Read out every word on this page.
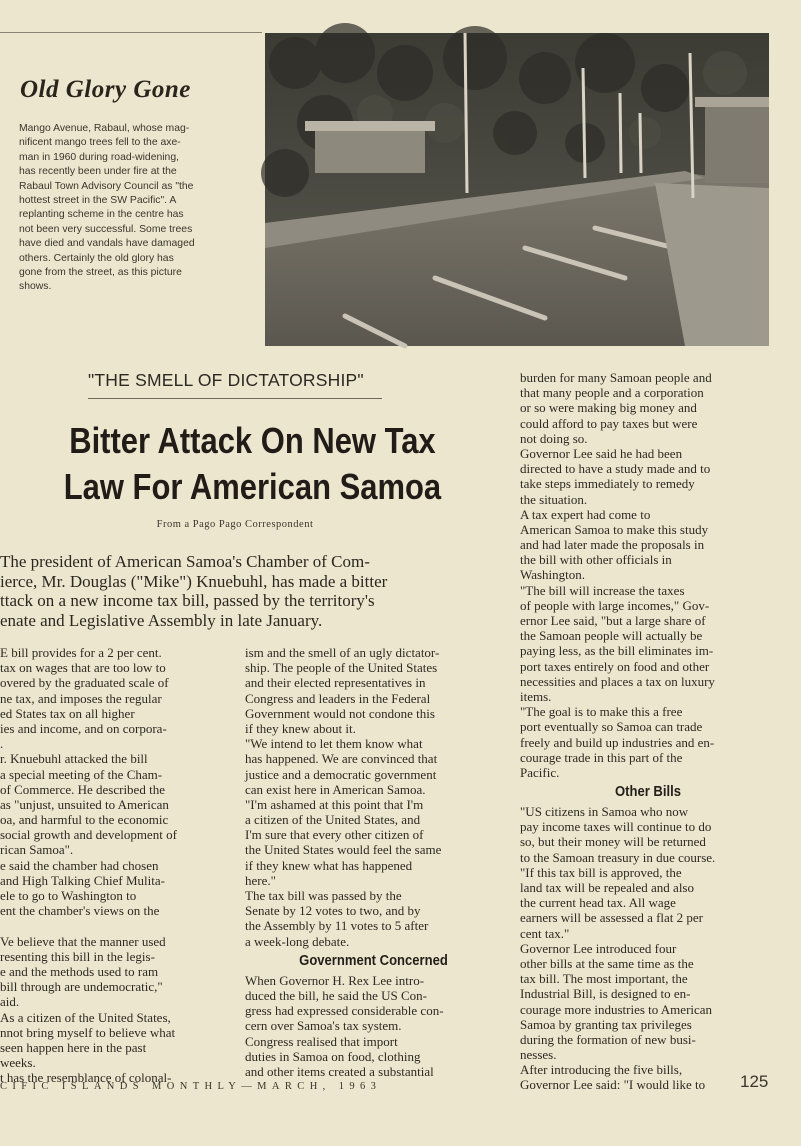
Old Glory Gone
Mango Avenue, Rabaul, whose mag-
nificent mango trees fell to the axe-
man in 1960 during road-widening,
has recently been under fire at the
Rabaul Town Advisory Council as "the
hottest street in the SW Pacific". A
replanting scheme in the centre has
not been very successful. Some trees
have died and vandals have damaged
others. Certainly the old glory has
gone from the street, as this picture
shows.
"THE SMELL OF DICTATORSHIP"
Bitter Attack On New Tax
Law For American Samoa
From a Pago Pago Correspondent
The president of American Samoa's Chamber of Com-
ierce, Mr. Douglas ("Mike") Knuebuhl, has made a bitter
ttack on a new income tax bill, passed by the territory's
enate and Legislative Assembly in late January.
E bill provides for a 2 per cent.
tax on wages that are too low to
overed by the graduated scale of
ne tax, and imposes the regular
ed States tax on all higher
ies and income, and on corpora-
.
r. Knuebuhl attacked the bill
a special meeting of the Cham-
of Commerce. He described the
as "unjust, unsuited to American
oa, and harmful to the economic
social growth and development of
rican Samoa".
e said the chamber had chosen
and High Talking Chief Mulita-
ele to go to Washington to
ent the chamber's views on the

Ve believe that the manner used
resenting this bill in the legis-
e and the methods used to ram
bill through are undemocratic,"
aid.
As a citizen of the United States,
nnot bring myself to believe what
seen happen here in the past
weeks.
t has the resemblance of colonal-
ism and the smell of an ugly dictator-
ship. The people of the United States
and their elected representatives in
Congress and leaders in the Federal
Government would not condone this
if they knew about it.
"We intend to let them know what
has happened. We are convinced that
justice and a democratic government
can exist here in American Samoa.
"I'm ashamed at this point that I'm
a citizen of the United States, and
I'm sure that every other citizen of
the United States would feel the same
if they knew what has happened
here."
The tax bill was passed by the
Senate by 12 votes to two, and by
the Assembly by 11 votes to 5 after
a week-long debate.
Government Concerned
When Governor H. Rex Lee intro-
duced the bill, he said the US Con-
gress had expressed considerable con-
cern over Samoa's tax system.
Congress realised that import
duties in Samoa on food, clothing
and other items created a substantial
burden for many Samoan people and
that many people and a corporation
or so were making big money and
could afford to pay taxes but were
not doing so.
Governor Lee said he had been
directed to have a study made and to
take steps immediately to remedy
the situation.
A tax expert had come to
American Samoa to make this study
and had later made the proposals in
the bill with other officials in
Washington.
"The bill will increase the taxes
of people with large incomes," Gov-
ernor Lee said, "but a large share of
the Samoan people will actually be
paying less, as the bill eliminates im-
port taxes entirely on food and other
necessities and places a tax on luxury
items.
"The goal is to make this a free
port eventually so Samoa can trade
freely and build up industries and en-
courage trade in this part of the
Pacific.
Other Bills
"US citizens in Samoa who now
pay income taxes will continue to do
so, but their money will be returned
to the Samoan treasury in due course.
"If this tax bill is approved, the
land tax will be repealed and also
the current head tax. All wage
earners will be assessed a flat 2 per
cent tax."
Governor Lee introduced four
other bills at the same time as the
tax bill. The most important, the
Industrial Bill, is designed to en-
courage more industries to American
Samoa by granting tax privileges
during the formation of new busi-
nesses.
After introducing the five bills,
Governor Lee said: "I would like to
CIFIC ISLANDS MONTHLY—MARCH, 1963	125
